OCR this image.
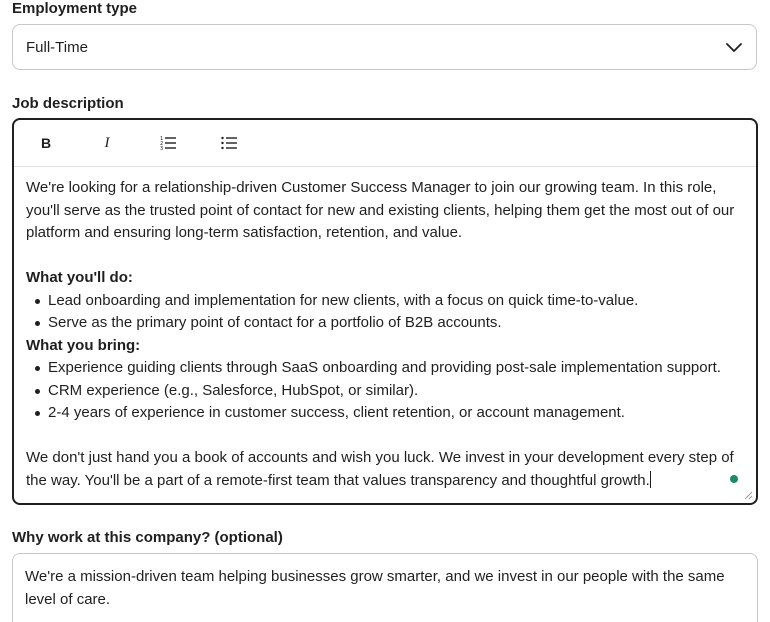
Employment type
Full-Time
Job description
B	I	1
2
3

We're looking for a relationship-driven Customer Success Manager to join our growing team. In this role, you'll serve as the trusted point of contact for new and existing clients, helping them get the most out of our platform and ensuring long-term satisfaction, retention, and value.

What you'll do:

Lead onboarding and implementation for new clients, with a focus on quick time-to-value.
Serve as the primary point of contact for a portfolio of B2B accounts.

What you bring:

Experience guiding clients through SaaS onboarding and providing post-sale implementation support.
CRM experience (e.g., Salesforce, HubSpot, or similar).
2-4 years of experience in customer success, client retention, or account management.

We don't just hand you a book of accounts and wish you luck. We invest in your development every step of the way. You'll be a part of a remote-first team that values transparency and thoughtful growth.

Why work at this company? (optional)
We're a mission-driven team helping businesses grow smarter, and we invest in our people with the same level of care.
